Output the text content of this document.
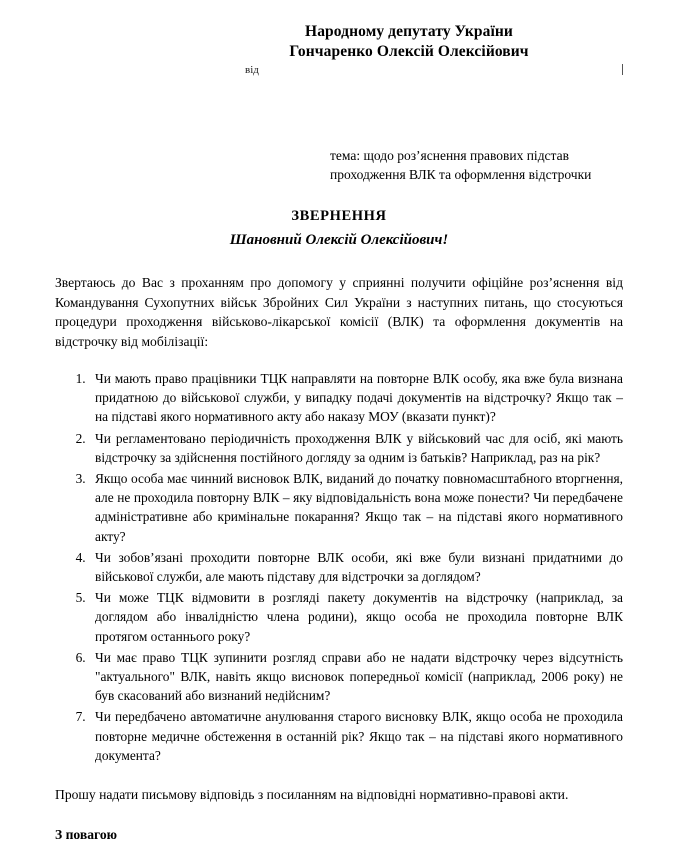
Народному депутату України
Гончаренко Олексій Олексійович
від
тема: щодо роз’яснення правових підстав проходження ВЛК та оформлення відстрочки
ЗВЕРНЕННЯ
Шановний Олексій Олексійович!
Звертаюсь до Вас з проханням про допомогу у сприянні получити офіційне роз’яснення від Командування Сухопутних військ Збройних Сил України з наступних питань, що стосуються процедури проходження військово-лікарської комісії (ВЛК) та оформлення документів на відстрочку від мобілізації:
1. Чи мають право працівники ТЦК направляти на повторне ВЛК особу, яка вже була визнана придатною до військової служби, у випадку подачі документів на відстрочку? Якщо так – на підставі якого нормативного акту або наказу МОУ (вказати пункт)?
2. Чи регламентовано періодичність проходження ВЛК у військовий час для осіб, які мають відстрочку за здійснення постійного догляду за одним із батьків? Наприклад, раз на рік?
3. Якщо особа має чинний висновок ВЛК, виданий до початку повномасштабного вторгнення, але не проходила повторну ВЛК – яку відповідальність вона може понести? Чи передбачене адміністративне або кримінальне покарання? Якщо так – на підставі якого нормативного акту?
4. Чи зобов’язані проходити повторне ВЛК особи, які вже були визнані придатними до військової служби, але мають підставу для відстрочки за доглядом?
5. Чи може ТЦК відмовити в розгляді пакету документів на відстрочку (наприклад, за доглядом або інвалідністю члена родини), якщо особа не проходила повторне ВЛК протягом останнього року?
6. Чи має право ТЦК зупинити розгляд справи або не надати відстрочку через відсутність "актуального" ВЛК, навіть якщо висновок попередньої комісії (наприклад, 2006 року) не був скасований або визнаний недійсним?
7. Чи передбачено автоматичне анулювання старого висновку ВЛК, якщо особа не проходила повторне медичне обстеження в останній рік? Якщо так – на підставі якого нормативного документа?
Прошу надати письмову відповідь з посиланням на відповідні нормативно-правові акти.
З повагою
